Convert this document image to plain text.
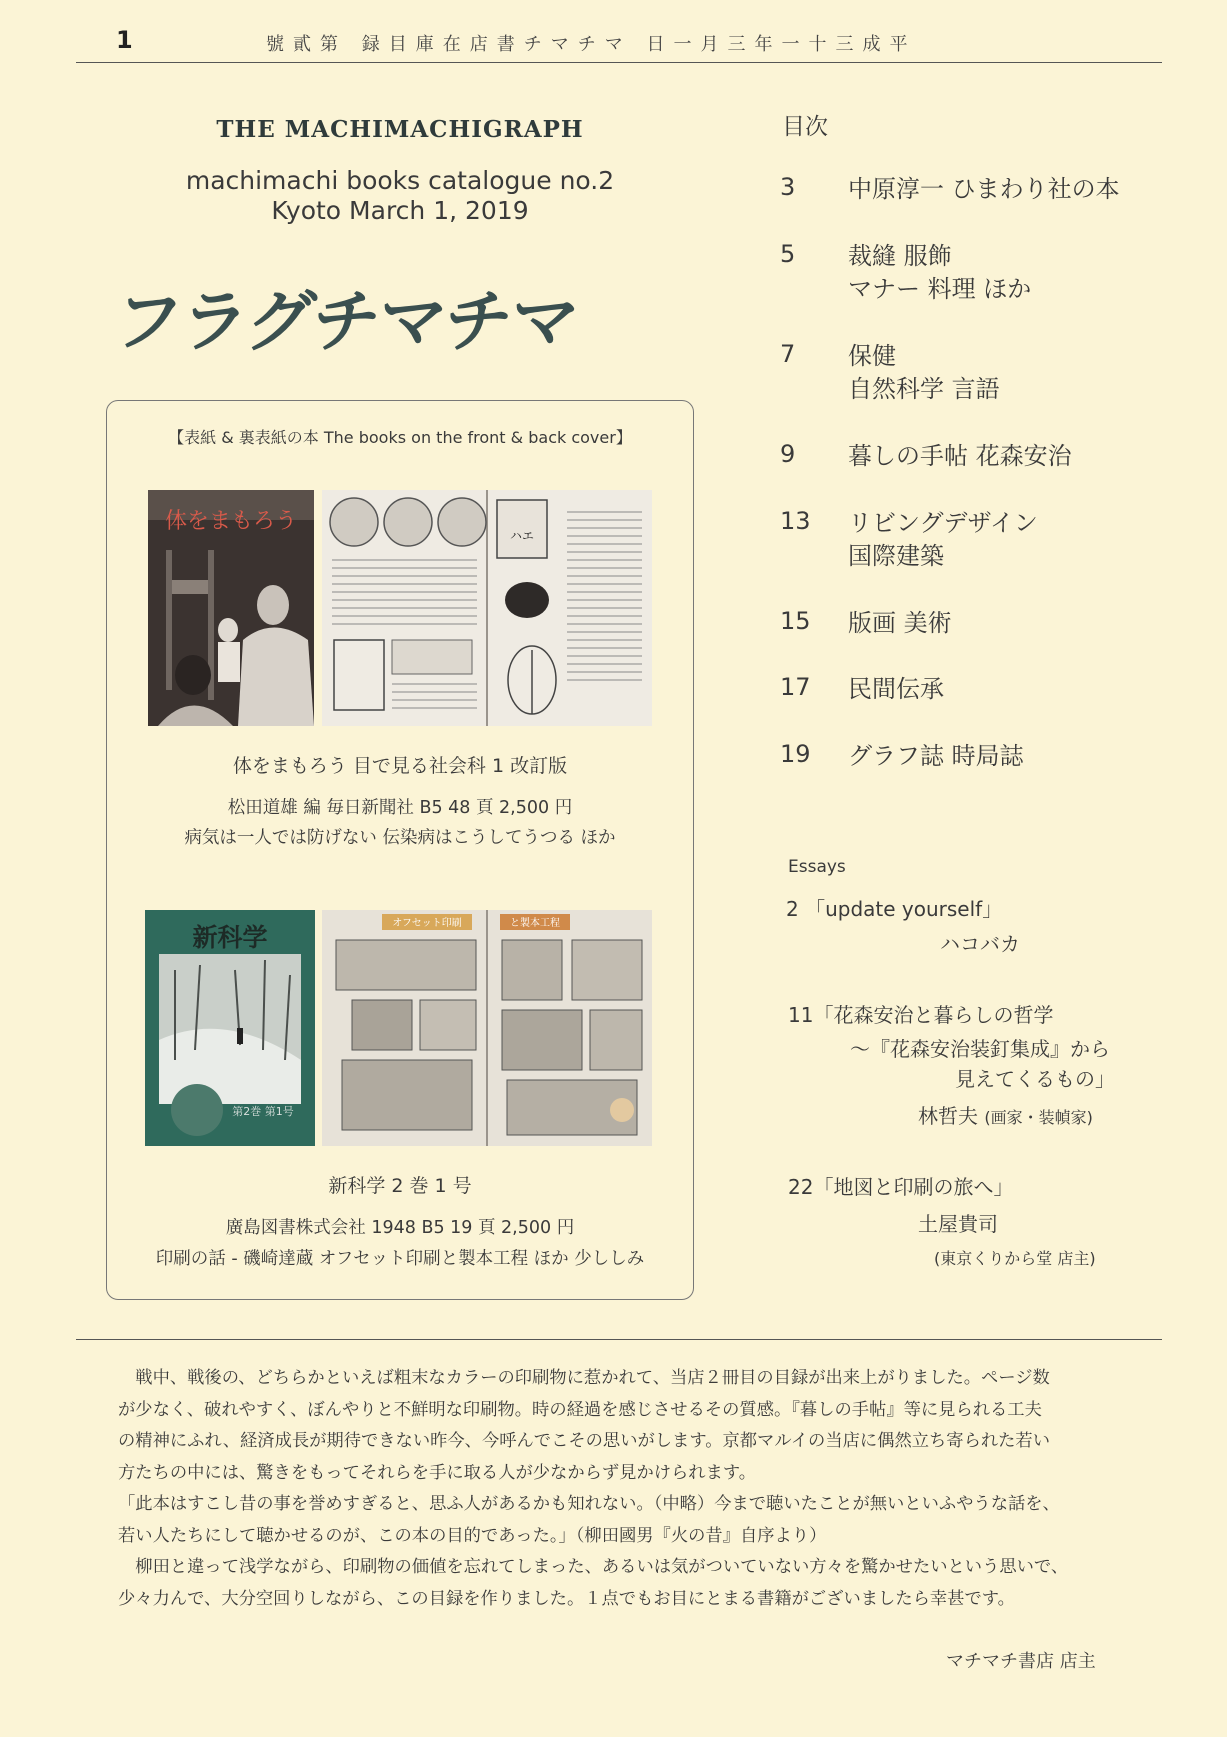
1	號貳第 録目庫在店書チマチマ 日一月三年一十三成平
THE MACHIMACHIGRAPH
machimachi books catalogue no.2
Kyoto March 1, 2019
フラグチマチマ
【表紙 & 裏表紙の本 The books on the front & back cover】
体をまもろう
ハエ
体をまもろう 目で見る社会科 1 改訂版
松田道雄 編 毎日新聞社 B5 48 頁 2,500 円
病気は一人では防げない 伝染病はこうしてうつる ほか
新科学
第2巻 第1号
オフセット印刷	と製本工程
新科学 2 巻 1 号
廣島図書株式会社 1948 B5 19 頁 2,500 円
印刷の話 - 磯崎達蔵 オフセット印刷と製本工程 ほか 少ししみ
目次
3 中原淳一 ひまわり社の本
5 裁縫 服飾
マナー 料理 ほか
7 保健
自然科学 言語
9 暮しの手帖 花森安治
13 リビングデザイン
国際建築
15 版画 美術
17 民間伝承
19 グラフ誌 時局誌
Essays
2 「update yourself」
ハコバカ
11「花森安治と暮らしの哲学
〜『花森安治装釘集成』から
見えてくるもの」
林哲夫 (画家・装幀家)
22「地図と印刷の旅へ」
土屋貴司
(東京くりから堂 店主)

戦中、戦後の、どちらかといえば粗末なカラーの印刷物に惹かれて、当店２冊目の目録が出来上がりました。ページ数

が少なく、破れやすく、ぼんやりと不鮮明な印刷物。時の経過を感じさせるその質感。『暮しの手帖』等に見られる工夫

の精神にふれ、経済成長が期待できない昨今、今呼んでこその思いがします。京都マルイの当店に偶然立ち寄られた若い

方たちの中には、驚きをもってそれらを手に取る人が少なからず見かけられます。

「此本はすこし昔の事を誉めすぎると、思ふ人があるかも知れない。（中略）今まで聴いたことが無いといふやうな話を、

若い人たちにして聴かせるのが、この本の目的であった。」（柳田國男『火の昔』自序より）

柳田と違って浅学ながら、印刷物の価値を忘れてしまった、あるいは気がついていない方々を驚かせたいという思いで、

少々力んで、大分空回りしながら、この目録を作りました。１点でもお目にとまる書籍がございましたら幸甚です。

マチマチ書店 店主
